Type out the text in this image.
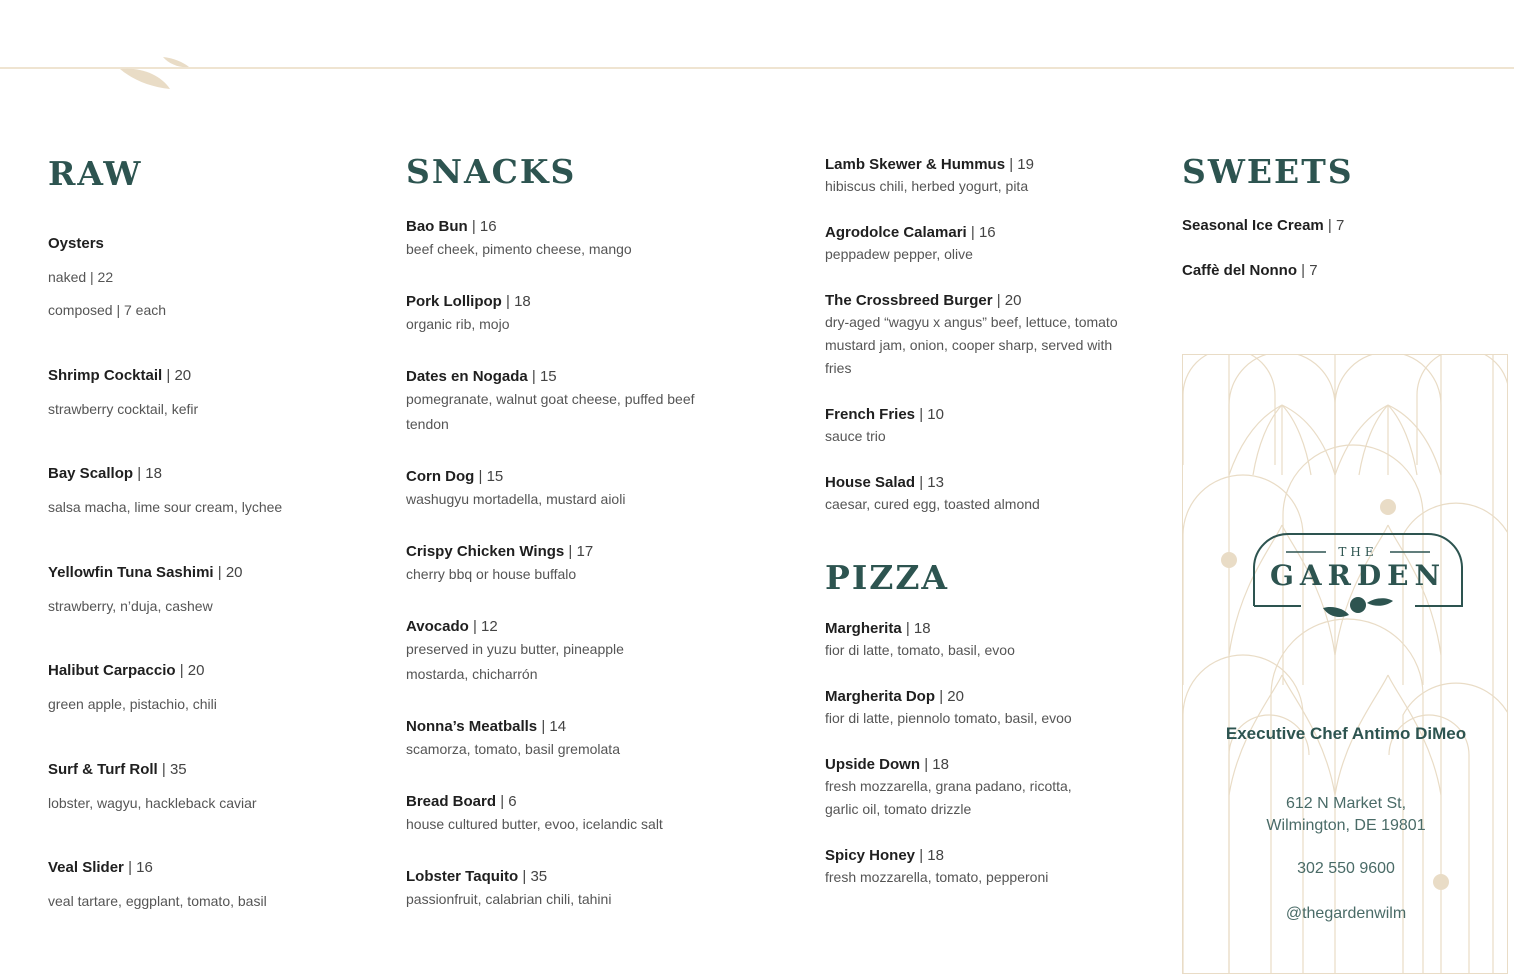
RAW
Oysters
naked | 22
composed | 7 each
Shrimp Cocktail | 20
strawberry cocktail, kefir
Bay Scallop | 18
salsa macha, lime sour cream, lychee
Yellowfin Tuna Sashimi | 20
strawberry, n’duja, cashew
Halibut Carpaccio | 20
green apple, pistachio, chili
Surf & Turf Roll | 35
lobster, wagyu, hackleback caviar
Veal Slider | 16
veal tartare, eggplant, tomato, basil
SNACKS
Bao Bun | 16
beef cheek, pimento cheese, mango
Pork Lollipop | 18
organic rib, mojo
Dates en Nogada | 15
pomegranate, walnut goat cheese, puffed beef
tendon
Corn Dog | 15
washugyu mortadella, mustard aioli
Crispy Chicken Wings | 17
cherry bbq or house buffalo
Avocado | 12
preserved in yuzu butter, pineapple
mostarda, chicharrón
Nonna’s Meatballs | 14
scamorza, tomato, basil gremolata
Bread Board | 6
house cultured butter, evoo, icelandic salt
Lobster Taquito | 35
passionfruit, calabrian chili, tahini
Lamb Skewer & Hummus | 19
hibiscus chili, herbed yogurt, pita
Agrodolce Calamari | 16
peppadew pepper, olive
The Crossbreed Burger | 20
dry-aged “wagyu x angus” beef, lettuce, tomato
mustard jam, onion, cooper sharp, served with
fries
French Fries | 10
sauce trio
House Salad | 13
caesar, cured egg, toasted almond
PIZZA
Margherita | 18
fior di latte, tomato, basil, evoo
Margherita Dop | 20
fior di latte, piennolo tomato, basil, evoo
Upside Down | 18
fresh mozzarella, grana padano, ricotta,
garlic oil, tomato drizzle
Spicy Honey | 18
fresh mozzarella, tomato, pepperoni
SWEETS
Seasonal Ice Cream | 7
Caffè del Nonno | 7
THE
GARDEN
Executive Chef Antimo DiMeo
612 N Market St,
Wilmington, DE 19801
302 550 9600
@thegardenwilm
